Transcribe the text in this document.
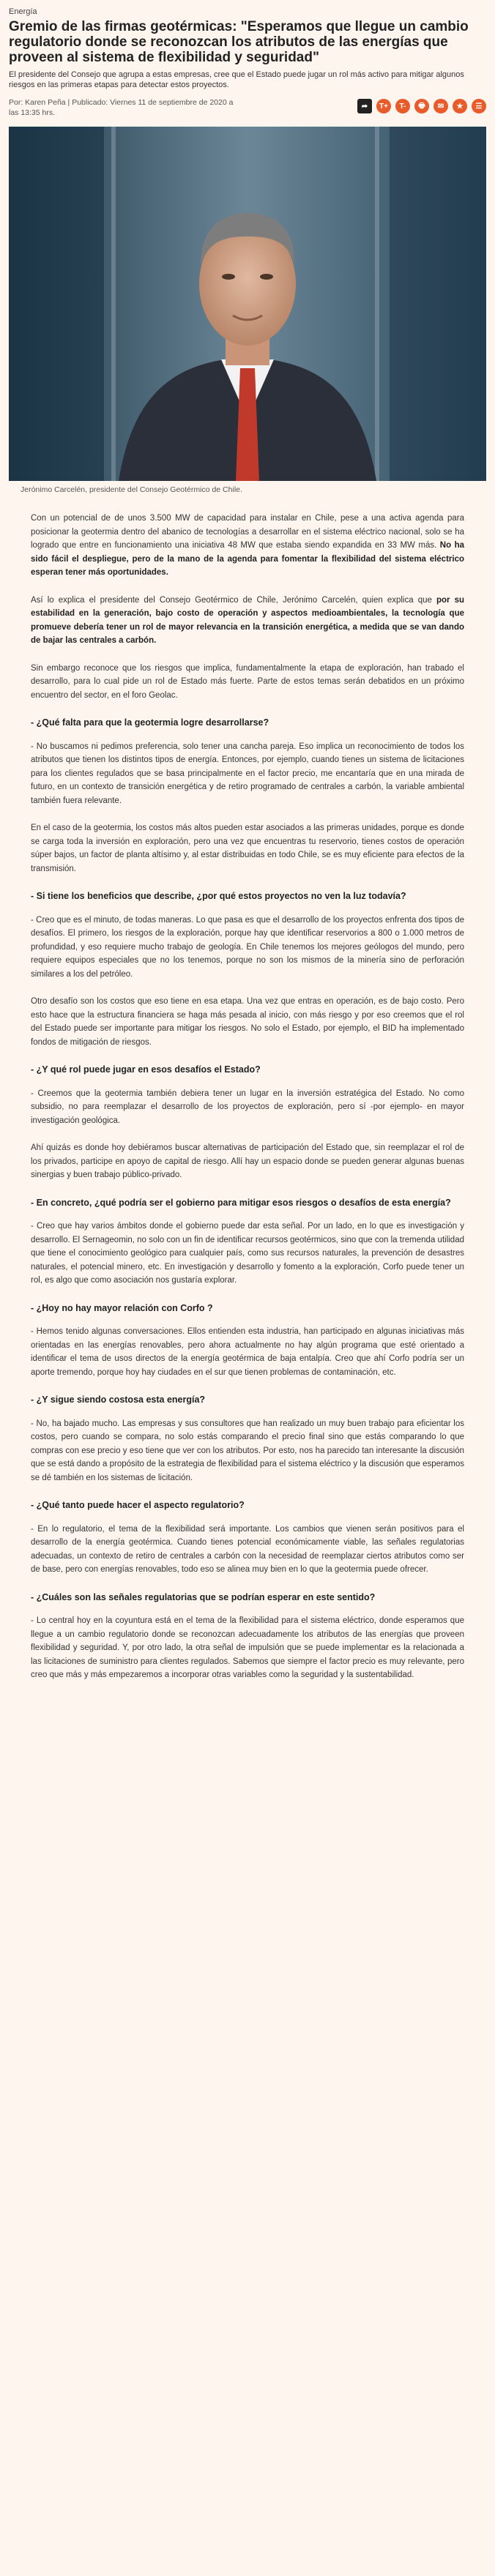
Energía
Gremio de las firmas geotérmicas: "Esperamos que llegue un cambio regulatorio donde se reconozcan los atributos de las energías que proveen al sistema de flexibilidad y seguridad"

El presidente del Consejo que agrupa a estas empresas, cree que el Estado puede jugar un rol más activo para mitigar algunos riesgos en las primeras etapas para detectar estos proyectos.

Por: Karen Peña | Publicado: Viernes 11 de septiembre de 2020 a las 13:35 hrs.
➦	T+	T-	🖶	✉	★	☰
Jerónimo Carcelén, presidente del Consejo Geotérmico de Chile.

Con un potencial de de unos 3.500 MW de capacidad para instalar en Chile, pese a una activa agenda para posicionar la geotermia dentro del abanico de tecnologías a desarrollar en el sistema eléctrico nacional, solo se ha logrado que entre en funcionamiento una iniciativa 48 MW que estaba siendo expandida en 33 MW más. No ha sido fácil el despliegue, pero de la mano de la agenda para fomentar la flexibilidad del sistema eléctrico esperan tener más oportunidades.

Así lo explica el presidente del Consejo Geotérmico de Chile, Jerónimo Carcelén, quien explica que por su estabilidad en la generación, bajo costo de operación y aspectos medioambientales, la tecnología que promueve debería tener un rol de mayor relevancia en la transición energética, a medida que se van dando de bajar las centrales a carbón.

Sin embargo reconoce que los riesgos que implica, fundamentalmente la etapa de exploración, han trabado el desarrollo, para lo cual pide un rol de Estado más fuerte. Parte de estos temas serán debatidos en un próximo encuentro del sector, en el foro Geolac.

- ¿Qué falta para que la geotermia logre desarrollarse?

- No buscamos ni pedimos preferencia, solo tener una cancha pareja. Eso implica un reconocimiento de todos los atributos que tienen los distintos tipos de energía. Entonces, por ejemplo, cuando tienes un sistema de licitaciones para los clientes regulados que se basa principalmente en el factor precio, me encantaría que en una mirada de futuro, en un contexto de transición energética y de retiro programado de centrales a carbón, la variable ambiental también fuera relevante.

En el caso de la geotermia, los costos más altos pueden estar asociados a las primeras unidades, porque es donde se carga toda la inversión en exploración, pero una vez que encuentras tu reservorio, tienes costos de operación súper bajos, un factor de planta altísimo y, al estar distribuidas en todo Chile, se es muy eficiente para efectos de la transmisión.

- Si tiene los beneficios que describe, ¿por qué estos proyectos no ven la luz todavía?

- Creo que es el minuto, de todas maneras. Lo que pasa es que el desarrollo de los proyectos enfrenta dos tipos de desafíos. El primero, los riesgos de la exploración, porque hay que identificar reservorios a 800 o 1.000 metros de profundidad, y eso requiere mucho trabajo de geología. En Chile tenemos los mejores geólogos del mundo, pero requiere equipos especiales que no los tenemos, porque no son los mismos de la minería sino de perforación similares a los del petróleo.

Otro desafío son los costos que eso tiene en esa etapa. Una vez que entras en operación, es de bajo costo. Pero esto hace que la estructura financiera se haga más pesada al inicio, con más riesgo y por eso creemos que el rol del Estado puede ser importante para mitigar los riesgos. No solo el Estado, por ejemplo, el BID ha implementado fondos de mitigación de riesgos.

- ¿Y qué rol puede jugar en esos desafíos el Estado?

- Creemos que la geotermia también debiera tener un lugar en la inversión estratégica del Estado. No como subsidio, no para reemplazar el desarrollo de los proyectos de exploración, pero sí -por ejemplo- en mayor investigación geológica.

Ahí quizás es donde hoy debiéramos buscar alternativas de participación del Estado que, sin reemplazar el rol de los privados, participe en apoyo de capital de riesgo. Allí hay un espacio donde se pueden generar algunas buenas sinergias y buen trabajo público-privado.

- En concreto, ¿qué podría ser el gobierno para mitigar esos riesgos o desafíos de esta energía?

- Creo que hay varios ámbitos donde el gobierno puede dar esta señal. Por un lado, en lo que es investigación y desarrollo. El Sernageomin, no solo con un fin de identificar recursos geotérmicos, sino que con la tremenda utilidad que tiene el conocimiento geológico para cualquier país, como sus recursos naturales, la prevención de desastres naturales, el potencial minero, etc. En investigación y desarrollo y fomento a la exploración, Corfo puede tener un rol, es algo que como asociación nos gustaría explorar.

- ¿Hoy no hay mayor relación con Corfo ?

- Hemos tenido algunas conversaciones. Ellos entienden esta industria, han participado en algunas iniciativas más orientadas en las energías renovables, pero ahora actualmente no hay algún programa que esté orientado a identificar el tema de usos directos de la energía geotérmica de baja entalpía. Creo que ahí Corfo podría ser un aporte tremendo, porque hoy hay ciudades en el sur que tienen problemas de contaminación, etc.

- ¿Y sigue siendo costosa esta energía?

- No, ha bajado mucho. Las empresas y sus consultores que han realizado un muy buen trabajo para eficientar los costos, pero cuando se compara, no solo estás comparando el precio final sino que estás comparando lo que compras con ese precio y eso tiene que ver con los atributos. Por esto, nos ha parecido tan interesante la discusión que se está dando a propósito de la estrategia de flexibilidad para el sistema eléctrico y la discusión que esperamos se dé también en los sistemas de licitación.

- ¿Qué tanto puede hacer el aspecto regulatorio?

- En lo regulatorio, el tema de la flexibilidad será importante. Los cambios que vienen serán positivos para el desarrollo de la energía geotérmica. Cuando tienes potencial económicamente viable, las señales regulatorias adecuadas, un contexto de retiro de centrales a carbón con la necesidad de reemplazar ciertos atributos como ser de base, pero con energías renovables, todo eso se alinea muy bien en lo que la geotermia puede ofrecer.

- ¿Cuáles son las señales regulatorias que se podrían esperar en este sentido?

- Lo central hoy en la coyuntura está en el tema de la flexibilidad para el sistema eléctrico, donde esperamos que llegue a un cambio regulatorio donde se reconozcan adecuadamente los atributos de las energías que proveen flexibilidad y seguridad. Y, por otro lado, la otra señal de impulsión que se puede implementar es la relacionada a las licitaciones de suministro para clientes regulados. Sabemos que siempre el factor precio es muy relevante, pero creo que más y más empezaremos a incorporar otras variables como la seguridad y la sustentabilidad.
